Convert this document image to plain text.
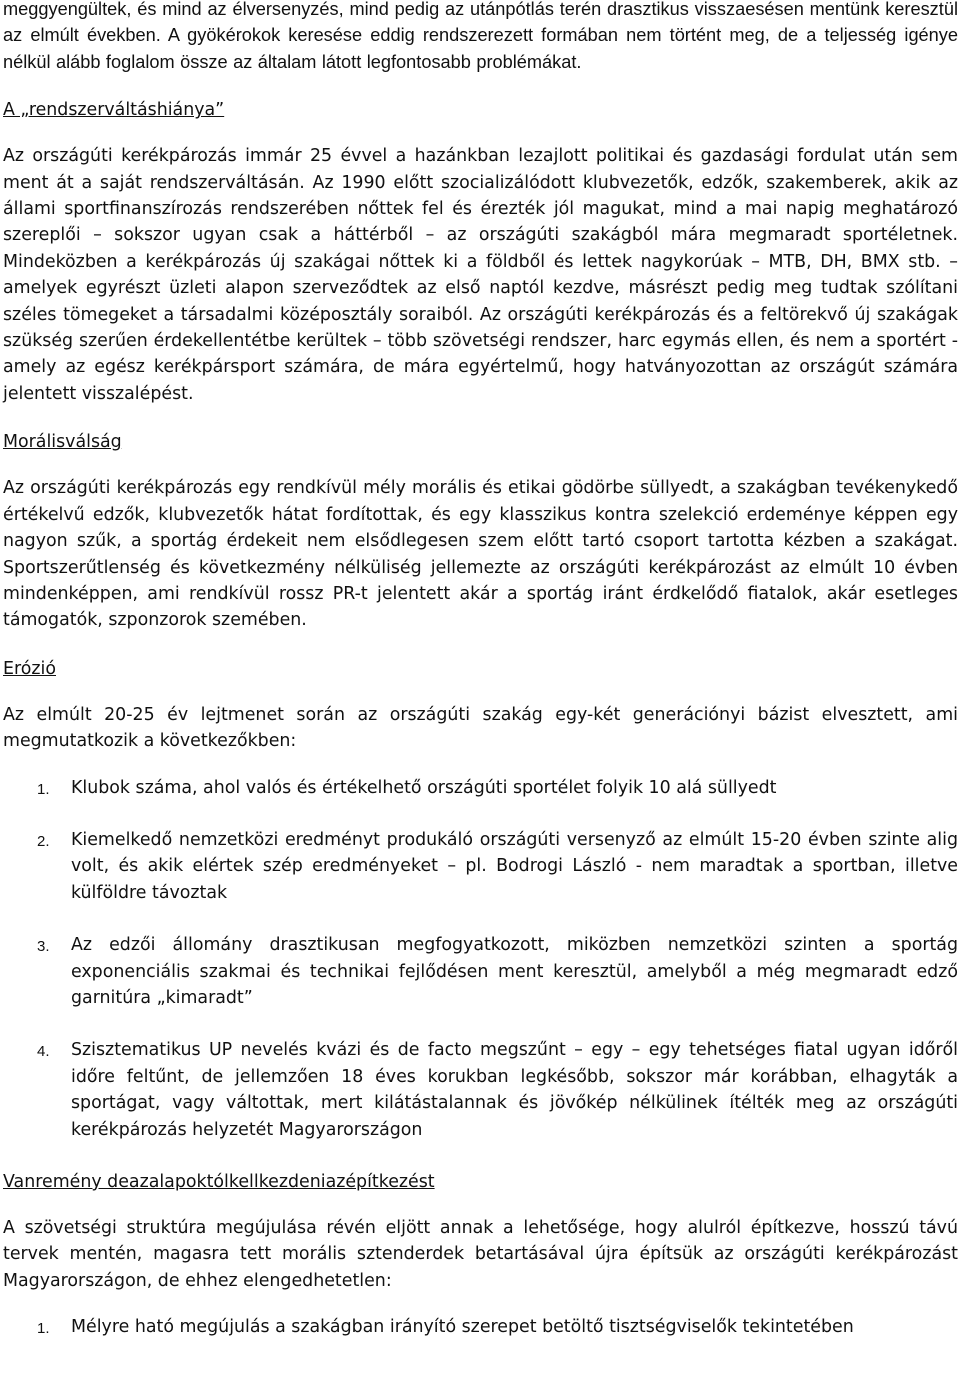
meggyengültek, és mind az élversenyzés, mind pedig az utánpótlás terén drasztikus visszaesésen mentünk keresztül az elmúlt években. A gyökérokok keresése eddig rendszerezett formában nem történt meg, de a teljesség igénye nélkül alább foglalom össze az általam látott legfontosabb problémákat.

A „rendszerváltáshiánya”

Az országúti kerékpározás immár 25 évvel a hazánkban lezajlott politikai és gazdasági fordulat után sem ment át a saját rendszerváltásán. Az 1990 előtt szocializálódott klubvezetők, edzők, szakemberek, akik az állami sportfinanszírozás rendszerében nőttek fel és érezték jól magukat, mind a mai napig meghatározó szereplői – sokszor ugyan csak a háttérből – az országúti szakágból mára megmaradt sportéletnek. Mindeközben a kerékpározás új szakágai nőttek ki a földből és lettek nagykorúak – MTB, DH, BMX stb. – amelyek egyrészt üzleti alapon szerveződtek az első naptól kezdve, másrészt pedig meg tudtak szólítani széles tömegeket a társadalmi középosztály soraiból. Az országúti kerékpározás és a feltörekvő új szakágak szükség szerűen érdekellentétbe kerültek – több szövetségi rendszer, harc egymás ellen, és nem a sportért - amely az egész kerékpársport számára, de mára egyértelmű, hogy hatványozottan az országút számára jelentett visszalépést.

Morálisválság

Az országúti kerékpározás egy rendkívül mély morális és etikai gödörbe süllyedt, a szakágban tevékenykedő értékelvű edzők, klubvezetők hátat fordítottak, és egy klasszikus kontra szelekció erdeménye képpen egy nagyon szűk, a sportág érdekeit nem elsődlegesen szem előtt tartó csoport tartotta kézben a szakágat. Sportszerűtlenség és következmény nélküliség jellemezte az országúti kerékpározást az elmúlt 10 évben mindenképpen, ami rendkívül rossz PR-t jelentett akár a sportág iránt érdkelődő fiatalok, akár esetleges támogatók, szponzorok szemében.

Erózió

Az elmúlt 20-25 év lejtmenet során az országúti szakág egy-két generációnyi bázist elvesztett, ami megmutatkozik a következőkben:

1. Klubok száma, ahol valós és értékelhető országúti sportélet folyik 10 alá süllyedt
2. Kiemelkedő nemzetközi eredményt produkáló országúti versenyző az elmúlt 15-20 évben szinte alig volt, és akik elértek szép eredményeket – pl. Bodrogi László - nem maradtak a sportban, illetve külföldre távoztak
3. Az edzői állomány drasztikusan megfogyatkozott, miközben nemzetközi szinten a sportág exponenciális szakmai és technikai fejlődésen ment keresztül, amelyből a még megmaradt edző garnitúra „kimaradt”
4. Szisztematikus UP nevelés kvázi és de facto megszűnt – egy – egy tehetséges fiatal ugyan időről időre feltűnt, de jellemzően 18 éves korukban legkésőbb, sokszor már korábban, elhagyták a sportágat, vagy váltottak, mert kilátástalannak és jövőkép nélkülinek ítélték meg az országúti kerékpározás helyzetét Magyarországon
Vanremény deazalapoktólkellkezdeniazépítkezést

A szövetségi struktúra megújulása révén eljött annak a lehetősége, hogy alulról építkezve, hosszú távú tervek mentén, magasra tett morális sztenderdek betartásával újra építsük az országúti kerékpározást Magyarországon, de ehhez elengedhetetlen:

1. Mélyre ható megújulás a szakágban irányító szerepet betöltő tisztségviselők tekintetében
